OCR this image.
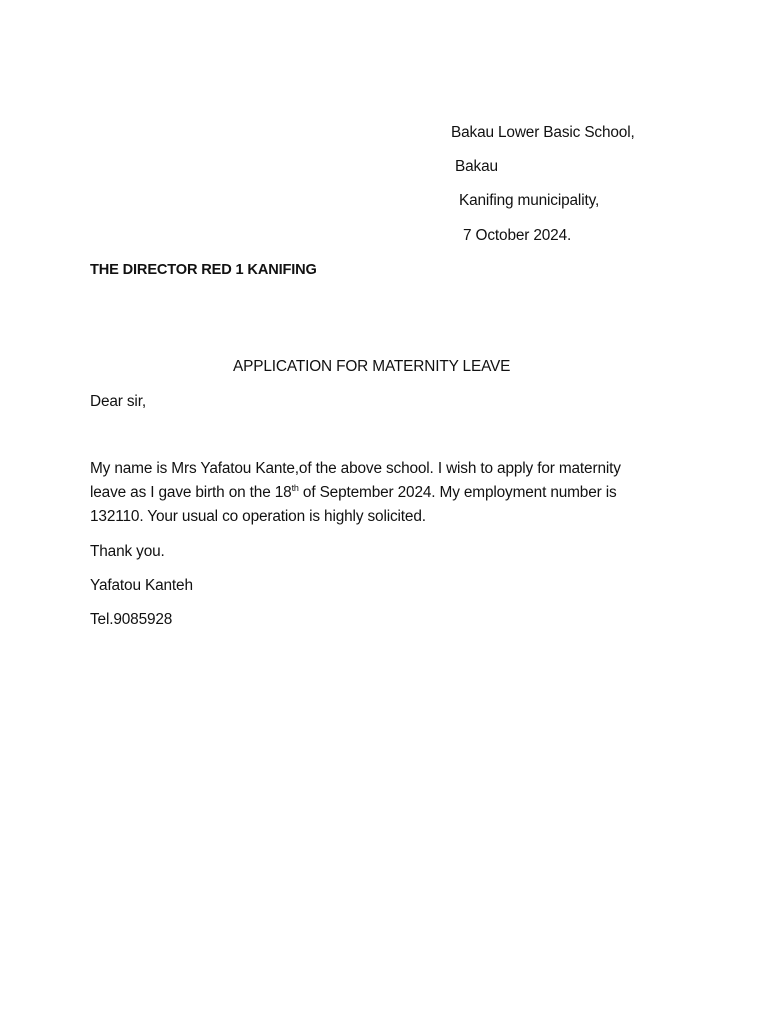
Bakau Lower Basic School,
Bakau
Kanifing municipality,
7 October 2024.
THE DIRECTOR RED 1 KANIFING
APPLICATION FOR MATERNITY LEAVE
Dear sir,
My name is Mrs Yafatou Kante,of the above school. I wish to apply for maternity
leave as I gave birth on the 18th of September 2024. My employment number is
132110. Your usual co operation is highly solicited.
Thank you.
Yafatou Kanteh
Tel.9085928
